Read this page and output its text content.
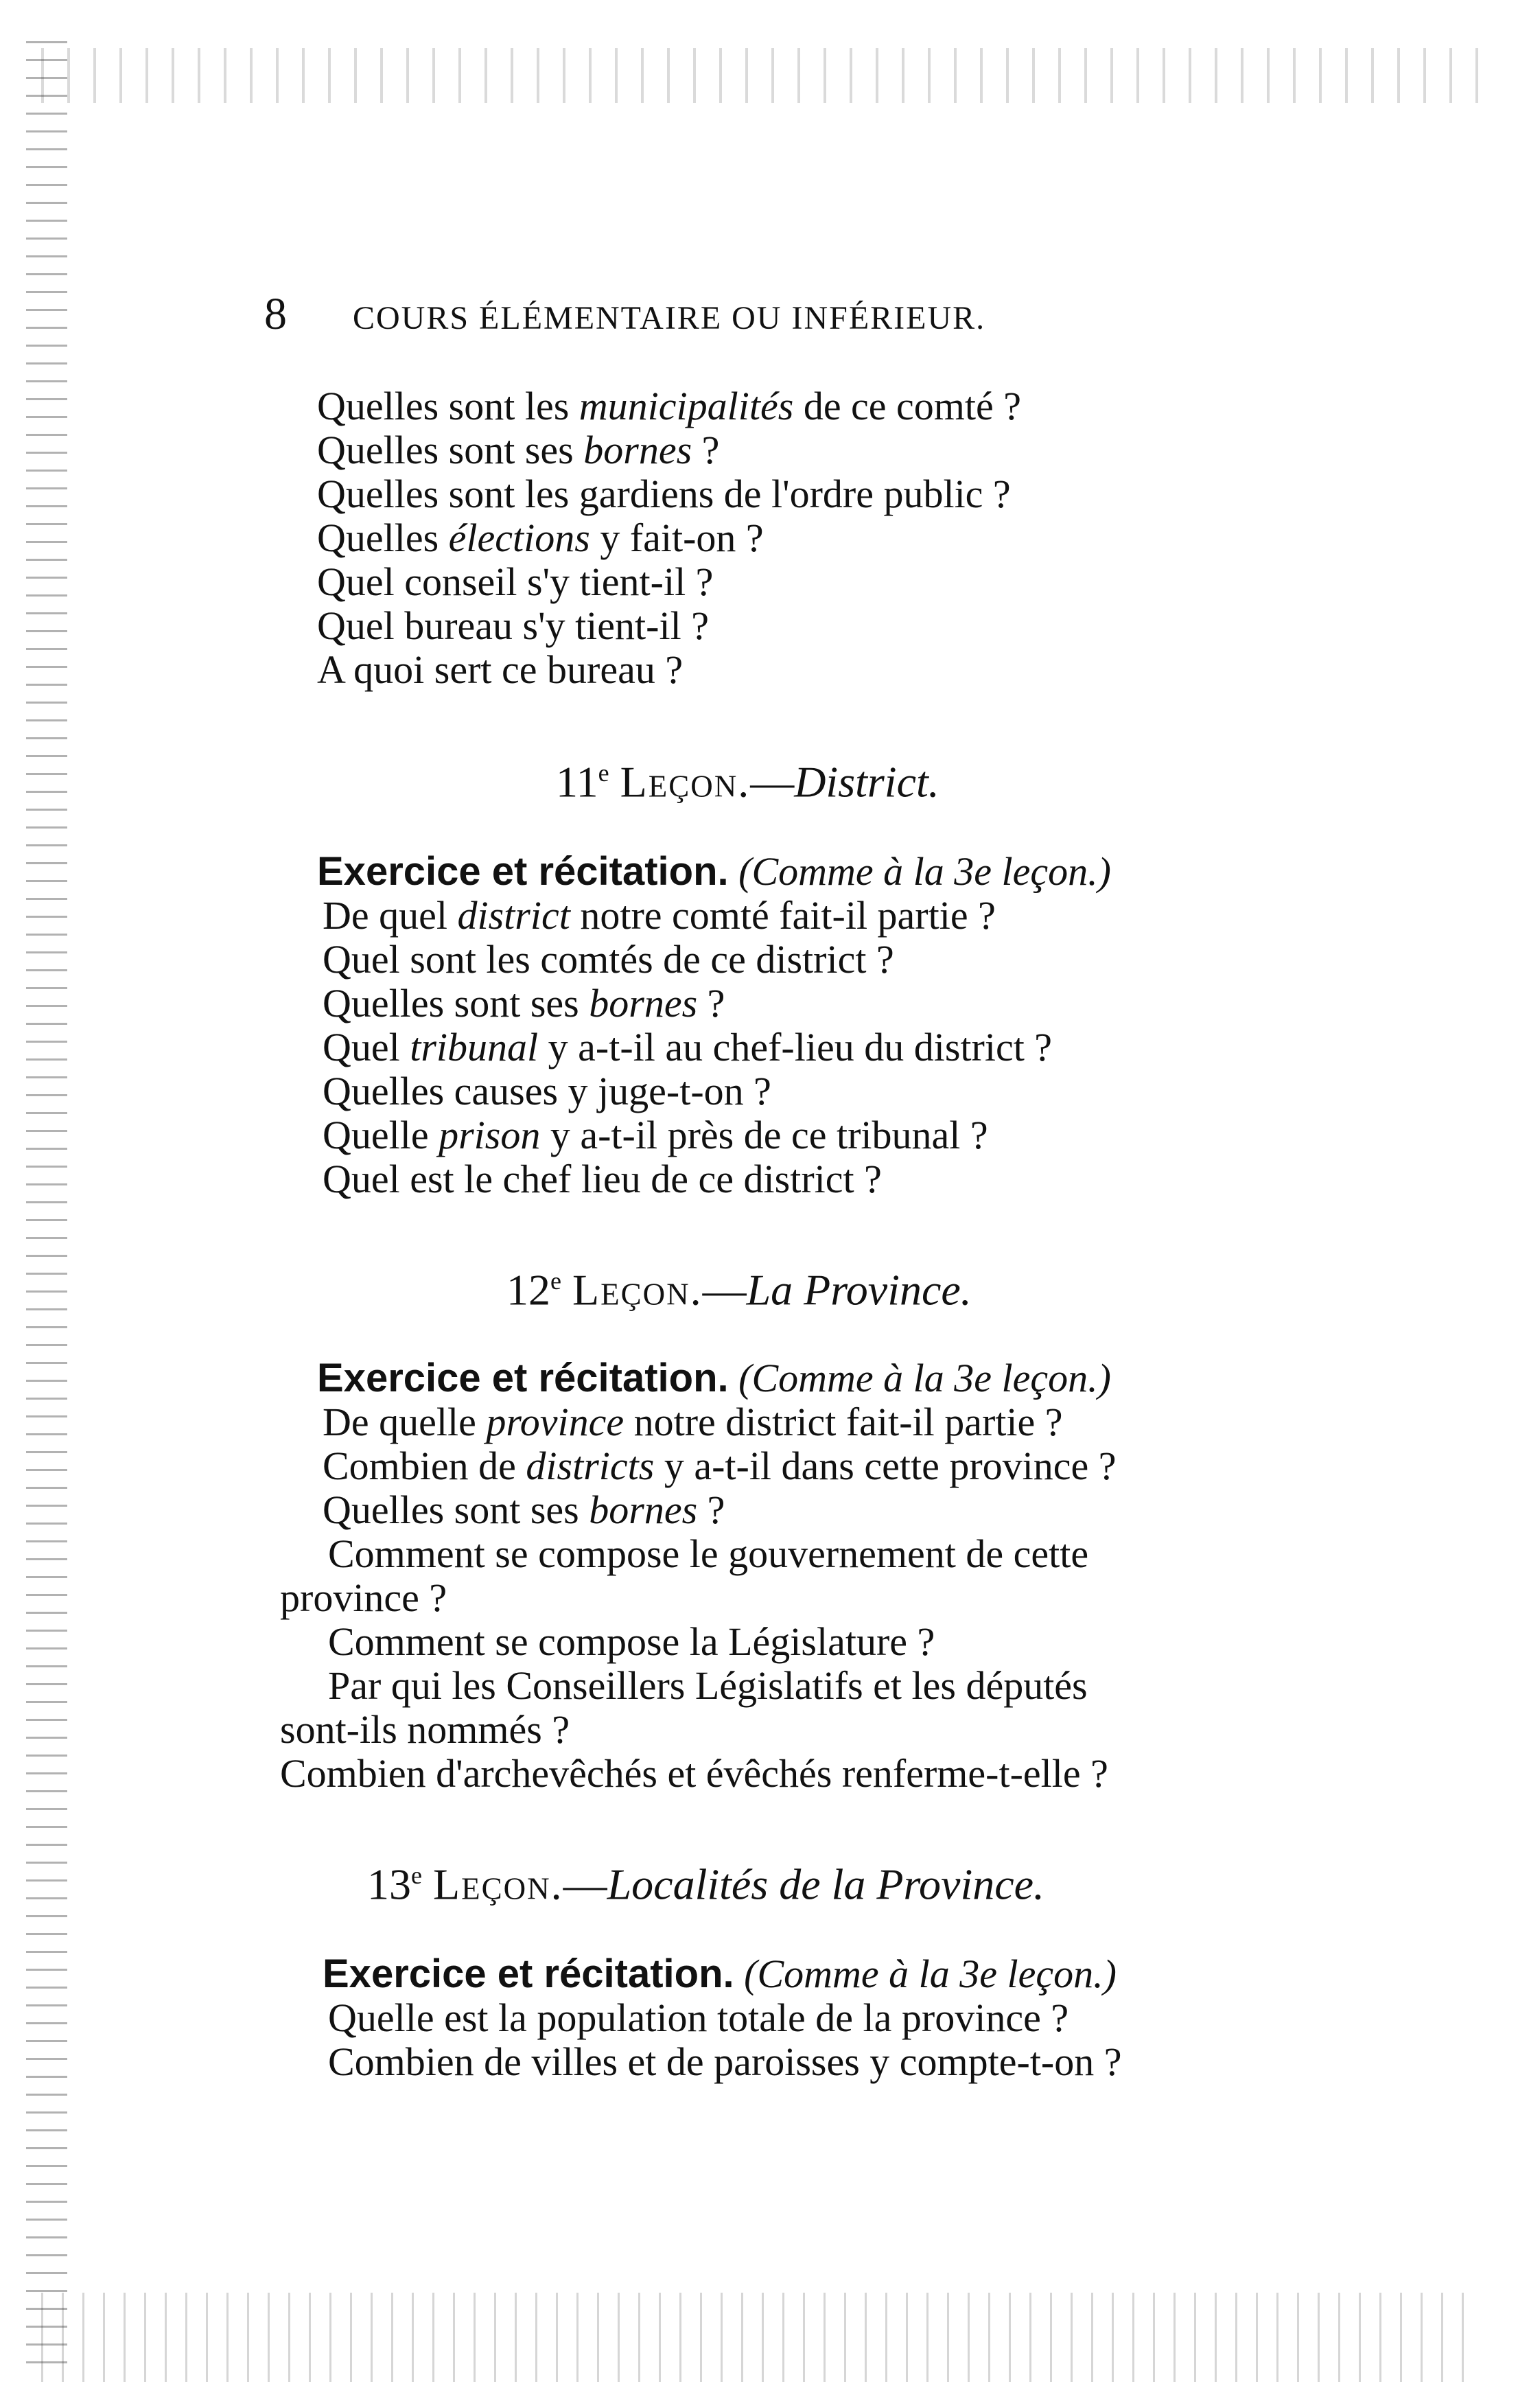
8 COURS ÉLÉMENTAIRE OU INFÉRIEUR.
Quelles sont les municipalités de ce comté ?
Quelles sont ses bornes ?
Quelles sont les gardiens de l'ordre public ?
Quelles élections y fait-on ?
Quel conseil s'y tient-il ?
Quel bureau s'y tient-il ?
A quoi sert ce bureau ?
11e Leçon.—District.
Exercice et récitation. (Comme à la 3e leçon.)
De quel district notre comté fait-il partie ?
Quel sont les comtés de ce district ?
Quelles sont ses bornes ?
Quel tribunal y a-t-il au chef-lieu du district ?
Quelles causes y juge-t-on ?
Quelle prison y a-t-il près de ce tribunal ?
Quel est le chef lieu de ce district ?
12e Leçon.—La Province.
Exercice et récitation. (Comme à la 3e leçon.)
De quelle province notre district fait-il partie ?
Combien de districts y a-t-il dans cette province ?
Quelles sont ses bornes ?
Comment se compose le gouvernement de cette
province ?
Comment se compose la Législature ?
Par qui les Conseillers Législatifs et les députés
sont-ils nommés ?
Combien d'archevêchés et évêchés renferme-t-elle ?
13e Leçon.—Localités de la Province.
Exercice et récitation. (Comme à la 3e leçon.)
Quelle est la population totale de la province ?
Combien de villes et de paroisses y compte-t-on ?
